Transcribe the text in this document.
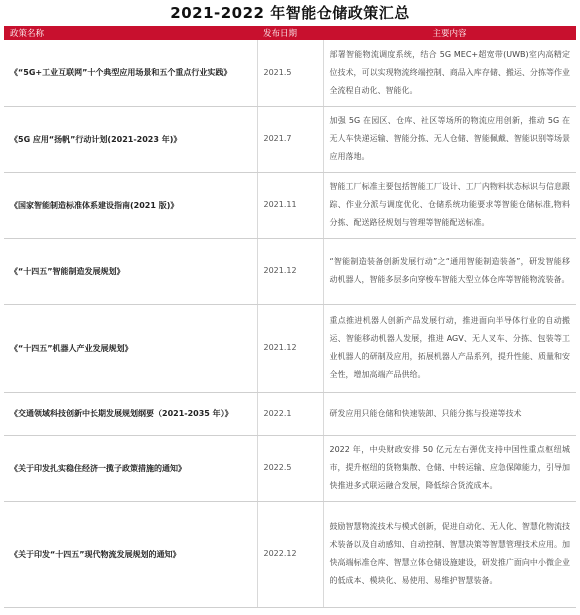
2021-2022 年智能仓储政策汇总
政策名称	发布日期	主要内容
《“5G+工业互联网”十个典型应用场景和五个重点行业实践》	2021.5	部署智能物流调度系统，结合 5G MEC+超宽带(UWB)室内高精定位技术，可以实现物流终端控制、商品入库存储、搬运、分拣等作业全流程自动化、智能化。
《5G 应用“扬帆”行动计划(2021-2023 年)》	2021.7	加强 5G 在园区、仓库、社区等场所的物流应用创新，推动 5G 在无人车快递运输、智能分拣、无人仓储、智能佩戴、智能识别等场景应用落地。
《国家智能制造标准体系建设指南(2021 版)》	2021.11	智能工厂标准主要包括智能工厂设计、工厂内物料状态标识与信息跟踪、作业分派与调度优化、仓储系统功能要求等智能仓储标准,物料分拣、配送路径规划与管理等智能配送标准。
《“十四五”智能制造发展规划》	2021.12	“智能制造装备创新发展行动”之“通用智能制造装备”，研发智能移动机器人，智能多层多向穿梭车智能大型立体仓库等智能物流装备。
《“十四五”机器人产业发展规划》	2021.12	重点推进机器人创新产品发展行动，推进面向半导体行业的自动搬运、智能移动机器人发展，推进 AGV、无人叉车、分拣、包装等工业机器人的研制及应用，拓展机器人产品系列，提升性能、质量和安全性，增加高端产品供给。
《交通领域科技创新中长期发展规划纲要（2021-2035 年）》	2022.1	研发应用只能仓储和快速装卸、只能分拣与投递等技术
《关于印发扎实稳住经济一揽子政策措施的通知》	2022.5	2022 年，中央财政安排 50 亿元左右弹优支持中国性重点枢纽城市，提升枢纽的货物集散、仓储、中转运输、应急保障能力，引导加快推进多式联运融合发展，降低综合货流成本。
《关于印发“十四五”现代物流发展规划的通知》	2022.12	鼓励智慧物流技术与模式创新，促进自动化、无人化、智慧化物流技术装备以及自动感知、自动控制、智慧决策等智慧管理技术应用。加快高端标准仓库、智慧立体仓储设施建设，研发推广面向中小微企业的低成本、模块化、易使用、易维护智慧装备。
